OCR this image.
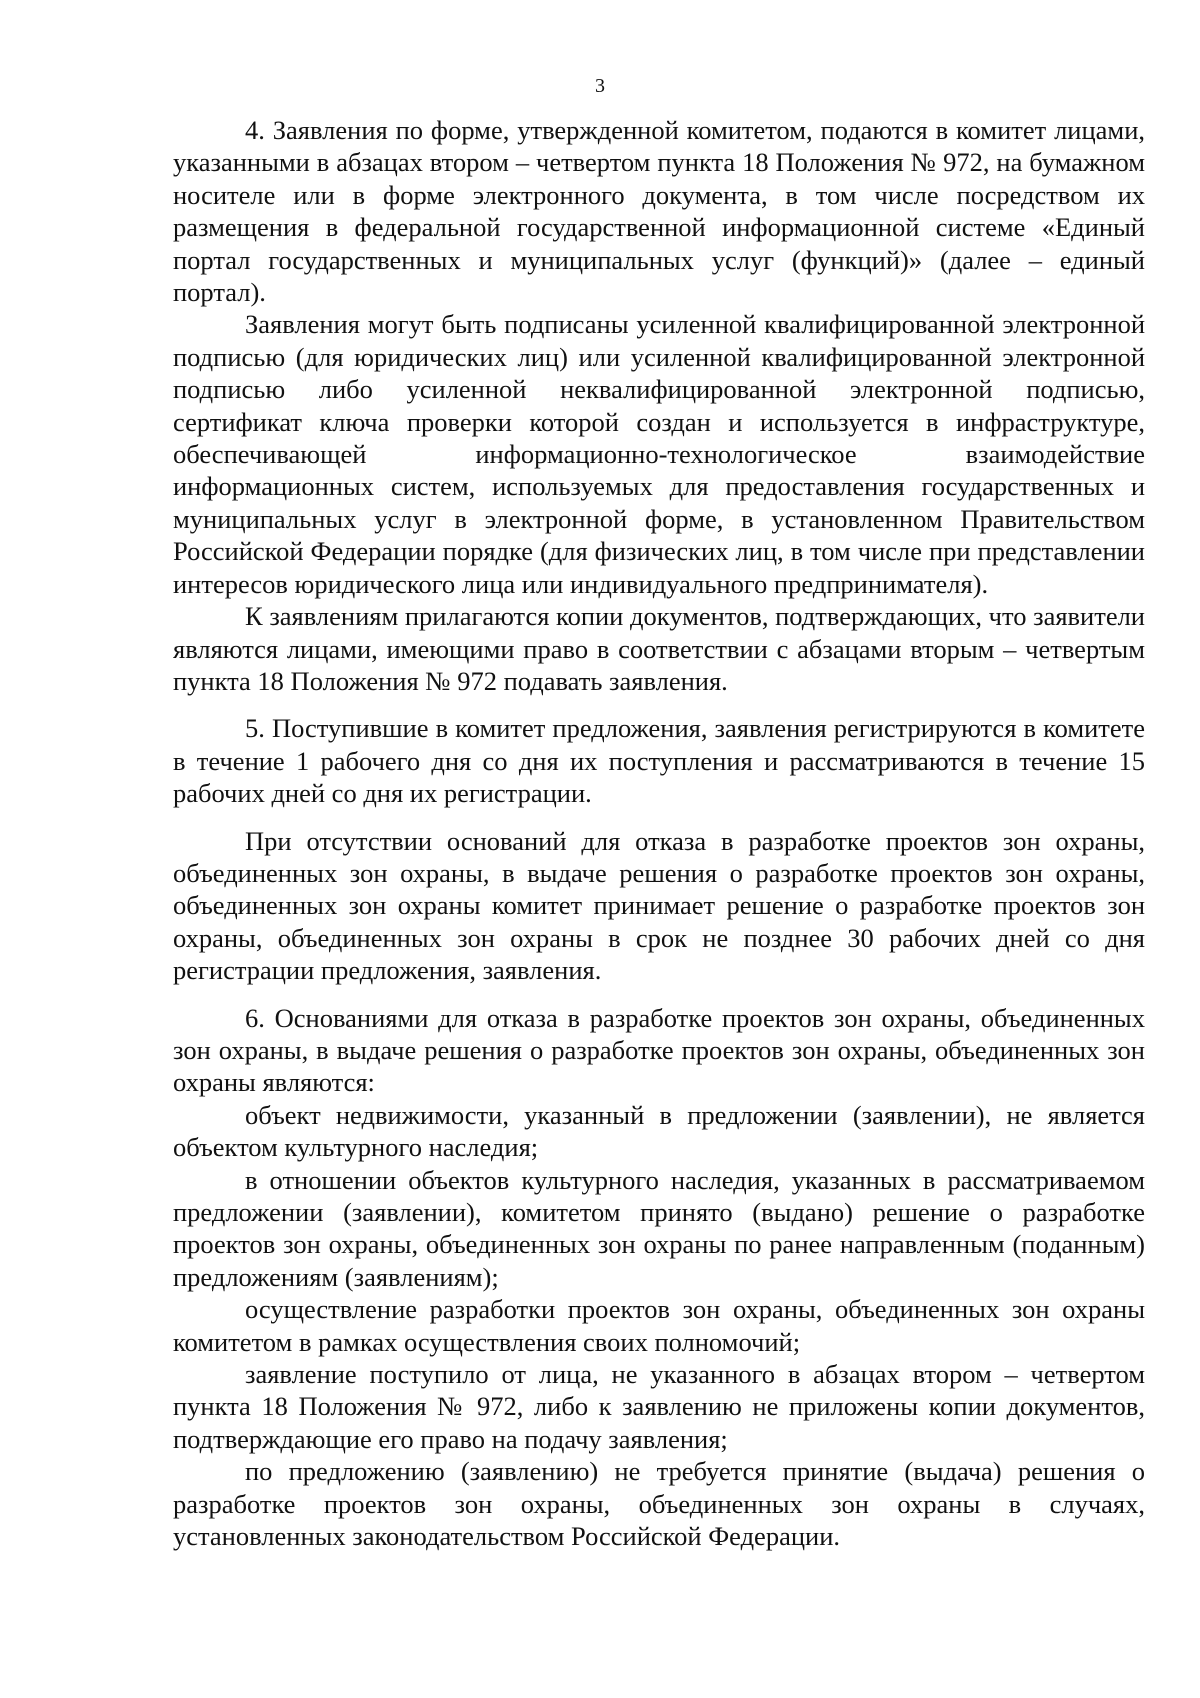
3

4. Заявления по форме, утвержденной комитетом, подаются в комитет лицами, указанными в абзацах втором – четвертом пункта 18 Положения № 972, на бумажном носителе или в форме электронного документа, в том числе посредством их размещения в федеральной государственной информационной системе «Единый портал государственных и муниципальных услуг (функций)» (далее – единый портал).

Заявления могут быть подписаны усиленной квалифицированной электронной подписью (для юридических лиц) или усиленной квалифицированной электронной подписью либо усиленной неквалифицированной электронной подписью, сертификат ключа проверки которой создан и используется в инфраструктуре, обеспечивающей информационно-технологическое взаимодействие информационных систем, используемых для предоставления государственных и муниципальных услуг в электронной форме, в установленном Правительством Российской Федерации порядке (для физических лиц, в том числе при представлении интересов юридического лица или индивидуального предпринимателя).

К заявлениям прилагаются копии документов, подтверждающих, что заявители являются лицами, имеющими право в соответствии с абзацами вторым – четвертым пункта 18 Положения № 972 подавать заявления.

5. Поступившие в комитет предложения, заявления регистрируются в комитете в течение 1 рабочего дня со дня их поступления и рассматриваются в течение 15 рабочих дней со дня их регистрации.

При отсутствии оснований для отказа в разработке проектов зон охраны, объединенных зон охраны, в выдаче решения о разработке проектов зон охраны, объединенных зон охраны комитет принимает решение о разработке проектов зон охраны, объединенных зон охраны в срок не позднее 30 рабочих дней со дня регистрации предложения, заявления.

6. Основаниями для отказа в разработке проектов зон охраны, объединенных зон охраны, в выдаче решения о разработке проектов зон охраны, объединенных зон охраны являются:

объект недвижимости, указанный в предложении (заявлении), не является объектом культурного наследия;

в отношении объектов культурного наследия, указанных в рассматриваемом предложении (заявлении), комитетом принято (выдано) решение о разработке проектов зон охраны, объединенных зон охраны по ранее направленным (поданным) предложениям (заявлениям);

осуществление разработки проектов зон охраны, объединенных зон охраны комитетом в рамках осуществления своих полномочий;

заявление поступило от лица, не указанного в абзацах втором – четвертом пункта 18 Положения № 972, либо к заявлению не приложены копии документов, подтверждающие его право на подачу заявления;

по предложению (заявлению) не требуется принятие (выдача) решения о разработке проектов зон охраны, объединенных зон охраны в случаях, установленных законодательством Российской Федерации.
